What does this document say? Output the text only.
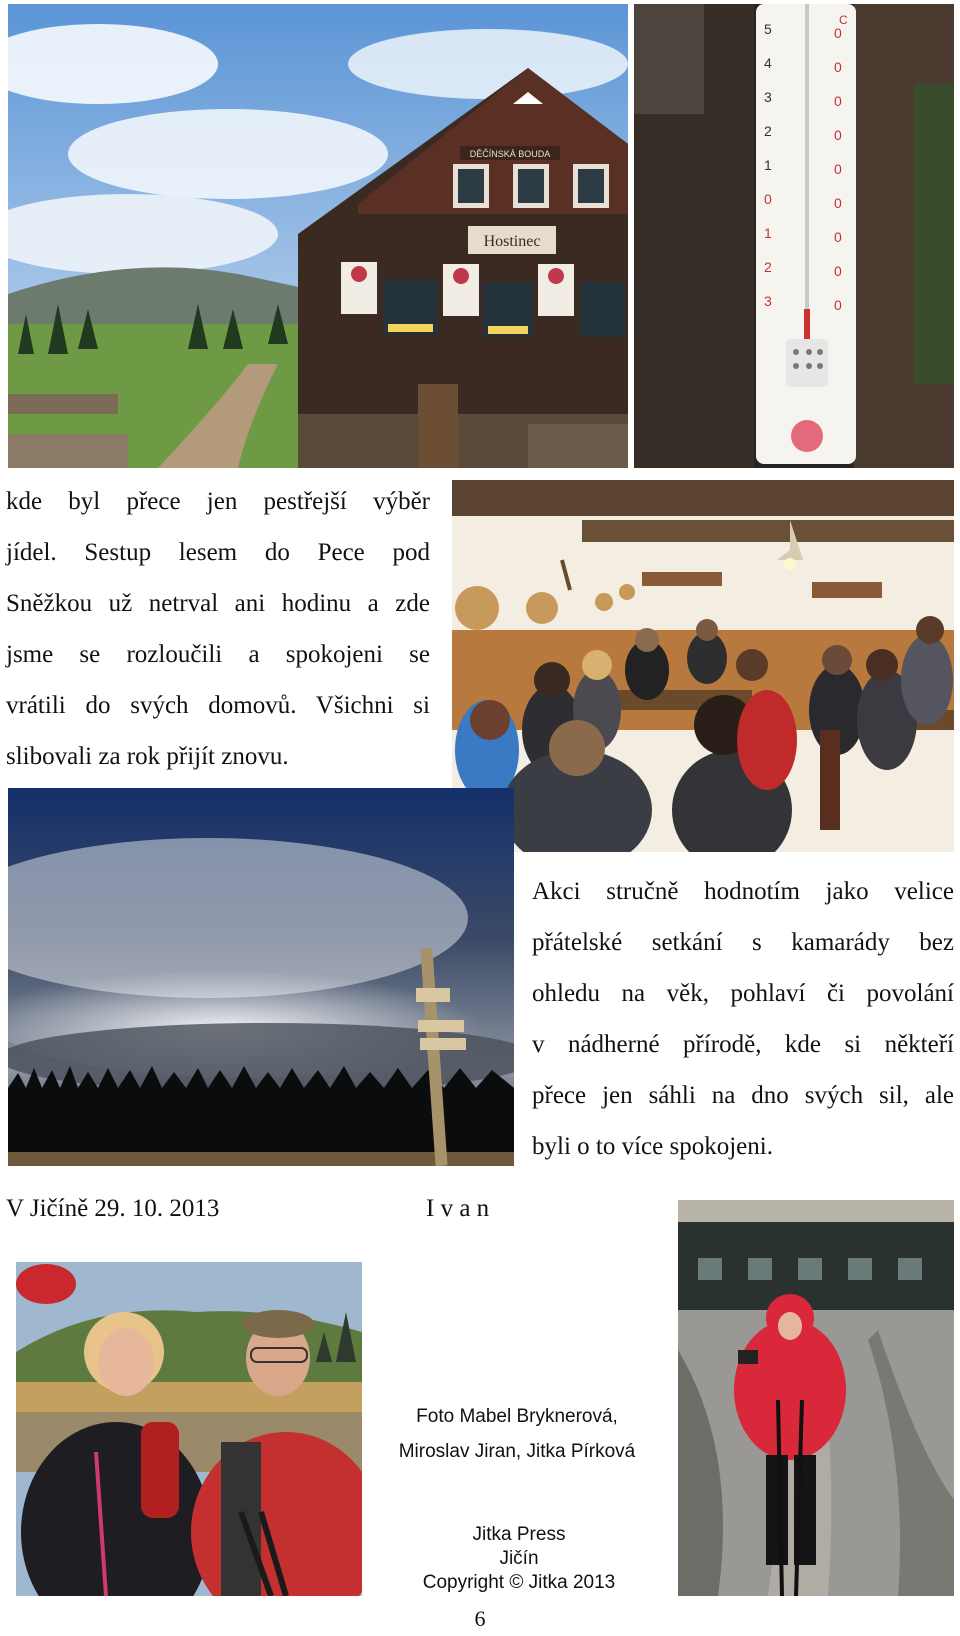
DĚČÍNSKÁ BOUDA
Hostinec
C
5	0
4	0
3	0
2	0
1	0
0	0
1	0
2	0
3	0
kde byl přece jen pestřejší výběr
jídel. Sestup lesem do Pece pod
Sněžkou už netrval ani hodinu a zde
jsme se rozloučili a spokojeni se
vrátili do svých domovů. Všichni si
slibovali za rok přijít znovu.
Akci stručně hodnotím jako velice
přátelské setkání s kamarády bez
ohledu na věk, pohlaví či povolání
v nádherné přírodě, kde si někteří
přece jen sáhli na dno svých sil, ale
byli o to více spokojeni.
V Jičíně 29. 10. 2013	I v a n
Foto Mabel Bryknerová,
Miroslav Jiran, Jitka Pírková
Jitka Press
Jičín
Copyright © Jitka 2013
6
